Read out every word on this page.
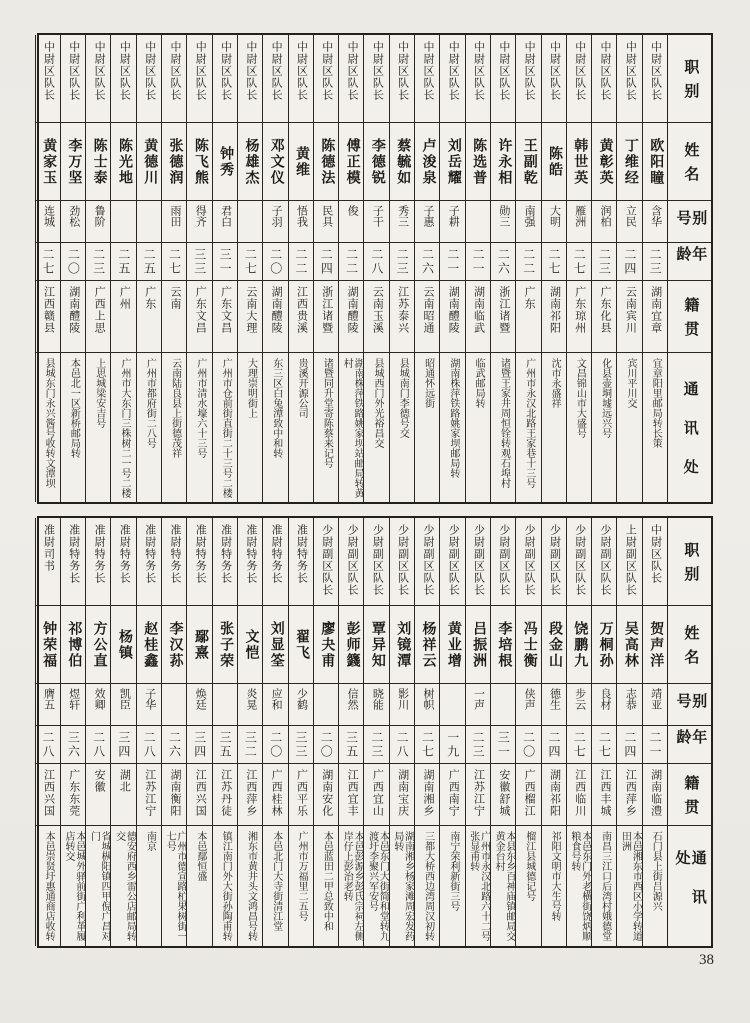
职别
姓名
别号
年龄
籍贯
通讯处
中尉区队长
欧阳瞳
含华
二三
湖南宜章
宜章阳里邮局转长策
中尉区队长
丁维经
立民
二四
云南宾川
宾川平川交
中尉区队长
黄彰英
润柏
二三
广东化县
化县壶垌墟远兴号
中尉区队长
韩世英
雁洲
二七
广东琼州
文昌锦山市大盛号
中尉区队长
陈皓
大明
二七
湖南祁阳
沈市永盛祥
中尉区队长
王副乾
南强
二二
广东
广州市永汉北路王家巷十三号
中尉区队长
许永相
勋三
二六
浙江诸暨
诸暨王家井周恒铨转观石埠村
中尉区队长
陈选普
二一
湖南临武
临武邮局转
中尉区队长
刘岳耀
子耕
二一
湖南醴陵
湖南株萍铁路姚家坝邮局转
中尉区队长
卢浚泉
子惠
二六
云南昭通
昭通怀远街
中尉区队长
蔡毓如
秀三
二三
江苏泰兴
县城南门李德号交
中尉区队长
李德锐
子干
二八
云南玉溪
县城西门外光裕昌交
中尉区队长
傅正模
俊
二二
湖南醴陵
湖南株萍铁路姚家坝站邮局转黄村
中尉区队长
陈德法
民具
二四
浙江诸暨
诸暨同升堂寄陈蔡来记号
中尉区队长
黄维
悟我
二二
江西贵溪
贵溪开源公司
中尉区队长
邓文仪
子羽
二〇
湖南醴陵
东三区白兔潭致中和转
中尉区队长
杨雄杰
二七
云南大理
大理崇明街上
中尉区队长
钟秀
君白
三一
广东文昌
广州市仓前街直街二十三号二楼
中尉区队长
陈飞熊
得齐
三三
广东文昌
广州市清水壕六十三号
中尉区队长
张德润
雨田
二七
云南
云南陆良县上街德茂祥
中尉区队长
黄德川
二五
广东
广州市都府街二八号
中尉区队长
陈光地
二五
广州
广州市大东门三株树二一号二楼
中尉区队长
陈士泰
鲁阶
二三
广西上思
上思城梁安吉号
中尉区队长
李万坚
劲松
二〇
湖南醴陵
本邑北一区新桥邮局转
中尉区队长
黄家玉
连城
二七
江西赣县
县城东门永兴酱号收转文潭坝
职别
姓名
别号
年龄
籍贯
通讯处
中尉区队长
贺声洋
靖亚
二一
湖南临澧
石门县上街吕源兴
上尉副区队长
吴高林
志恭
二四
江西萍乡
本邑湘东市西区小学转道田洲
少尉副区队长
万桐孙
良材
二七
江西丰城
南昌三江口后湾村娥德堂
少尉副区队长
饶鹏九
步云
二七
江西临川
本邑东门外老横街饶炳顺粮食号转
少尉副区队长
段金山
德生
二四
湖南祁阳
祁阳文明市大生号转
少尉副区队长
冯士衡
侠声
二〇
广西榴江
榴江县城德记号
少尉副区队长
李培根
三一
安徽舒城
本县东乡百神庙镇邮局交黄金台村
少尉副区队长
吕振洲
一声
二三
江苏江宁
广州市永汉北路六十二号张显甫转
少尉副区队长
黄业增
一九
广西南宁
南宁荣利新街三号
少尉副区队长
杨祥云
树帜
二七
湖南湘乡
三都大桥西边湾周汉初转
少尉副区队长
刘镜潭
影川
二八
湖南宝庆
湖南湘乡杨家滩周宏发药局转
少尉副区队长
覃异知
晓能
二三
广西宜山
本邑东门大街简和堂转九渡圩李聚兴军安号
少尉副区队长
彭师籛
信然
三五
江西宜丰
本邑彭源乡彭氏宗祠左侧岸仔上彭治老转
少尉副区队长
廖夬甫
二〇
湖南安化
本邑蓝田二甲总致中和
准尉特务长
翟飞
少鹤
三三
广西平乐
广州市万福里二五号
准尉特务长
刘显筌
应和
二〇
广西桂林
本邑北门大寺街清江堂
准尉特务长
文恺
炎晃
三二
江西萍乡
湘东市黄井头文鸿昌号转
准尉特务长
张子荣
三五
江苏丹徒
镇江南门外大街孙陶甫转
准尉特务长
鄢熹
焕廷
三四
江西兴国
本邑鄢恒盛
准尉特务长
李汉荪
二六
湖南衡阳
广州市德宣路杧果树街一七号
准尉特务长
赵桂鑫
子华
二八
江苏江宁
南京
准尉特务长
杨镇
凯臣
三四
湖北
德安府西乡雷公店邮局转交
准尉特务长
方公直
效卿
二八
安徽
省城枞阳镇四甲倪广昌对门
准尉特务长
祁博伯
煜轩
三六
广东东莞
本邑城外驿前街广利革履店转交
准尉司书
钟荣福
膺五
二八
江西兴国
本邑崇贤圩惠通商店收转
38
